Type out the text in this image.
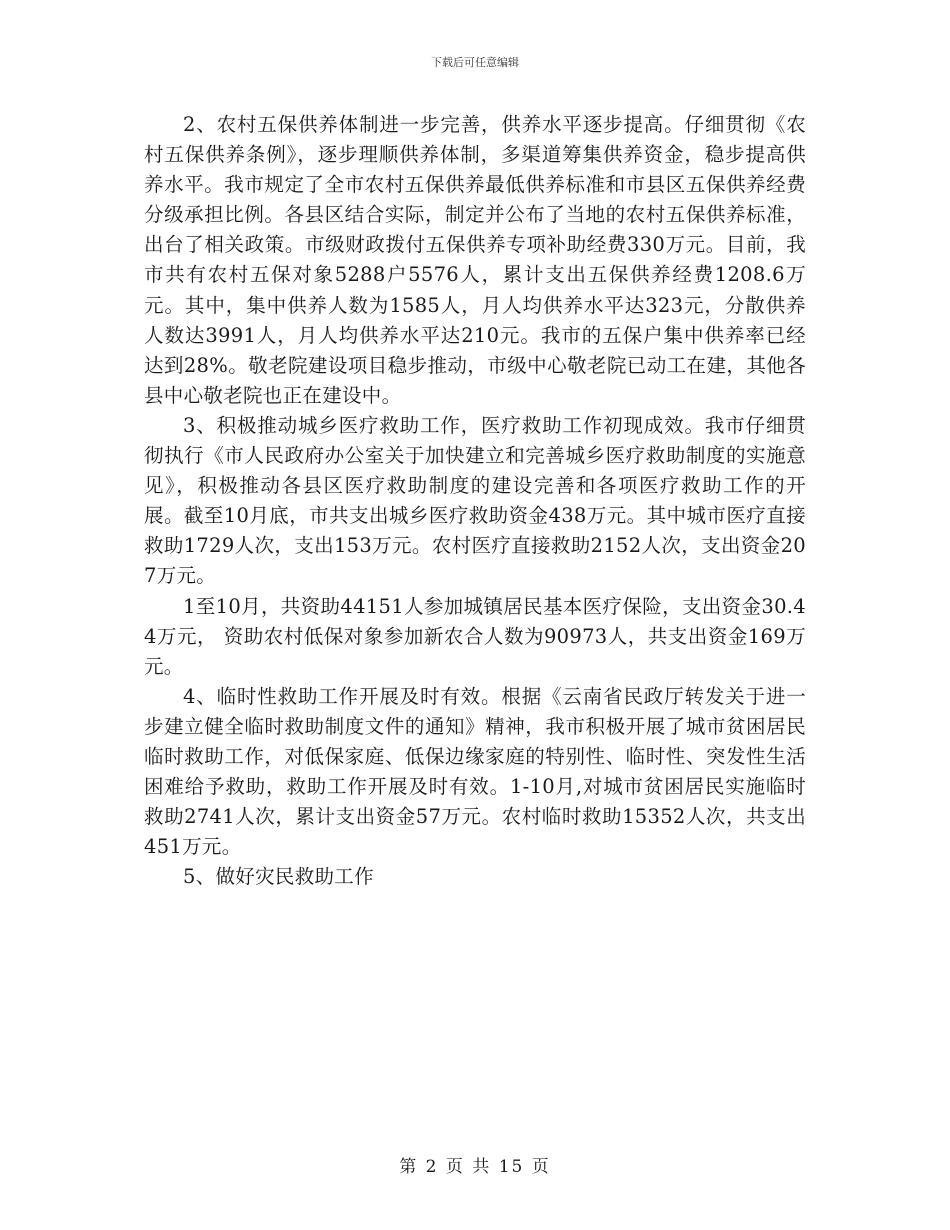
下载后可任意编辑

2、农村五保供养体制进一步完善，供养水平逐步提高。仔细贯彻《农村五保供养条例》，逐步理顺供养体制，多渠道筹集供养资金，稳步提高供养水平。我市规定了全市农村五保供养最低供养标准和市县区五保供养经费分级承担比例。各县区结合实际，制定并公布了当地的农村五保供养标准，出台了相关政策。市级财政拨付五保供养专项补助经费330万元。目前，我市共有农村五保对象5288户5576人，累计支出五保供养经费1208.6万元。其中，集中供养人数为1585人，月人均供养水平达323元，分散供养人数达3991人，月人均供养水平达210元。我市的五保户集中供养率已经达到28%。敬老院建设项目稳步推动，市级中心敬老院已动工在建，其他各县中心敬老院也正在建设中。

3、积极推动城乡医疗救助工作，医疗救助工作初现成效。我市仔细贯彻执行《市人民政府办公室关于加快建立和完善城乡医疗救助制度的实施意见》，积极推动各县区医疗救助制度的建设完善和各项医疗救助工作的开展。截至10月底，市共支出城乡医疗救助资金438万元。其中城市医疗直接救助1729人次，支出153万元。农村医疗直接救助2152人次，支出资金207万元。

1至10月，共资助44151人参加城镇居民基本医疗保险，支出资金30.44万元， 资助农村低保对象参加新农合人数为90973人，共支出资金169万元。

4、临时性救助工作开展及时有效。根据《云南省民政厅转发关于进一步建立健全临时救助制度文件的通知》精神，我市积极开展了城市贫困居民临时救助工作，对低保家庭、低保边缘家庭的特别性、临时性、突发性生活困难给予救助，救助工作开展及时有效。1-10月,对城市贫困居民实施临时救助2741人次，累计支出资金57万元。农村临时救助15352人次，共支出451万元。

5、做好灾民救助工作

第 2 页 共 15 页
